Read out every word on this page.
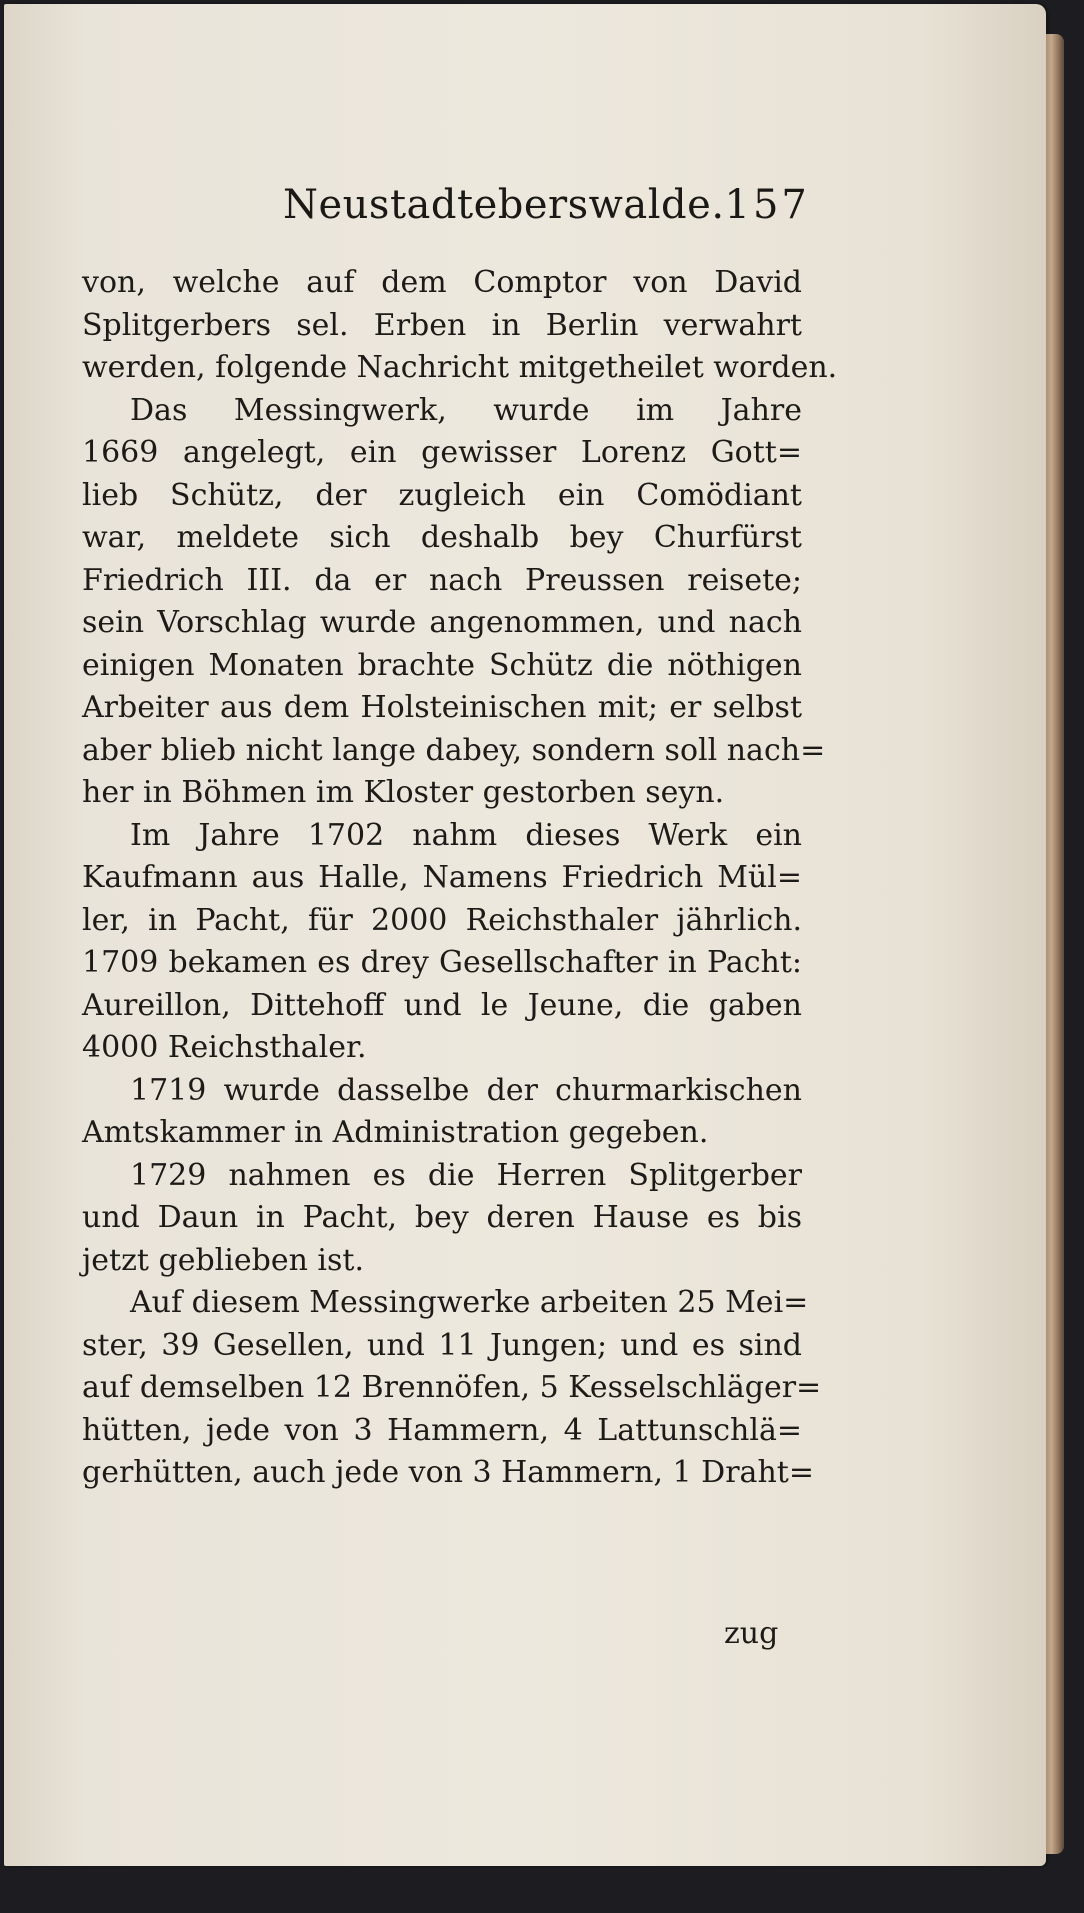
Neustadteberswalde. 157
von, welche auf dem Comptor von David
Splitgerbers sel. Erben in Berlin verwahrt
werden, folgende Nachricht mitgetheilet worden.
Das Messingwerk, wurde im Jahre
1669 angelegt, ein gewisser Lorenz Gott=
lieb Schütz, der zugleich ein Comödiant
war, meldete sich deshalb bey Churfürst
Friedrich III. da er nach Preussen reisete;
sein Vorschlag wurde angenommen, und nach
einigen Monaten brachte Schütz die nöthigen
Arbeiter aus dem Holsteinischen mit; er selbst
aber blieb nicht lange dabey, sondern soll nach=
her in Böhmen im Kloster gestorben seyn.
Im Jahre 1702 nahm dieses Werk ein
Kaufmann aus Halle, Namens Friedrich Mül=
ler, in Pacht, für 2000 Reichsthaler jährlich.
1709 bekamen es drey Gesellschafter in Pacht:
Aureillon, Dittehoff und le Jeune, die gaben
4000 Reichsthaler.
1719 wurde dasselbe der churmarkischen
Amtskammer in Administration gegeben.
1729 nahmen es die Herren Splitgerber
und Daun in Pacht, bey deren Hause es bis
jetzt geblieben ist.
Auf diesem Messingwerke arbeiten 25 Mei=
ster, 39 Gesellen, und 11 Jungen; und es sind
auf demselben 12 Brennöfen, 5 Kesselschläger=
hütten, jede von 3 Hammern, 4 Lattunschlä=
gerhütten, auch jede von 3 Hammern, 1 Draht=
zug
